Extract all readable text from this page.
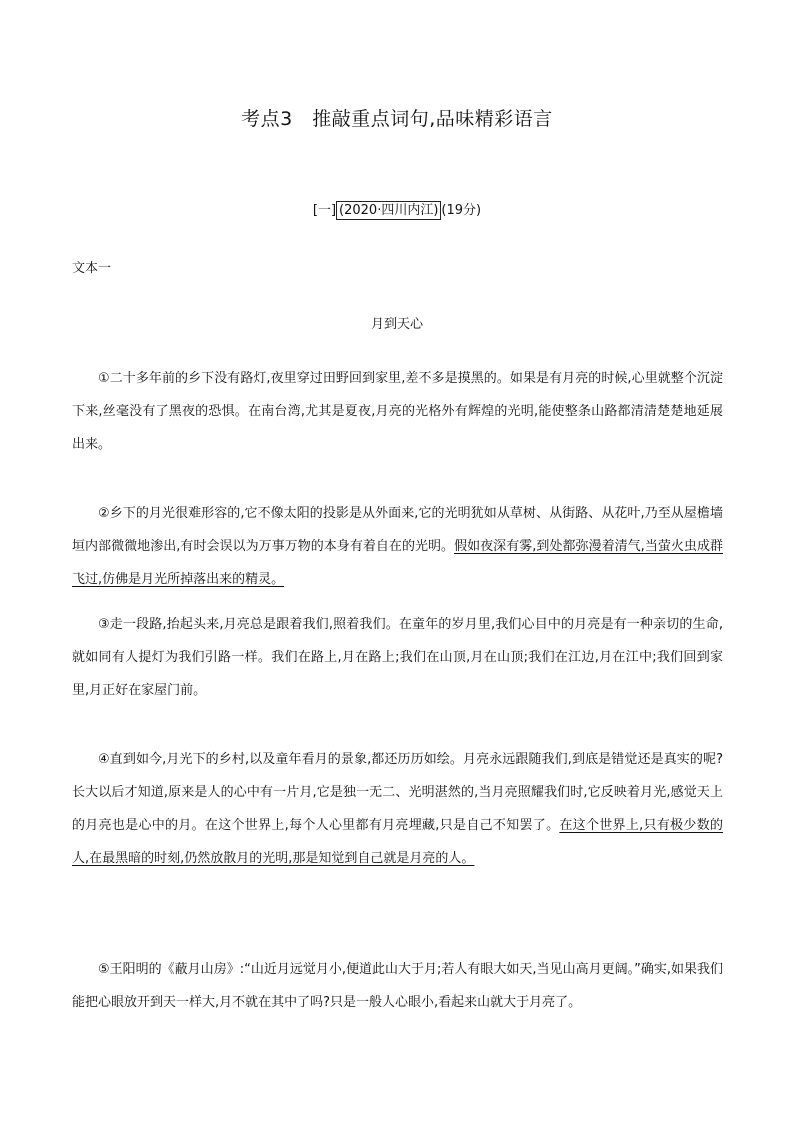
考点3　推敲重点词句,品味精彩语言
[一] (2020·四川内江) (19分)
文本一
月到天心

①二十多年前的乡下没有路灯,夜里穿过田野回到家里,差不多是摸黑的。如果是有月亮的时候,心里就整个沉淀下来,丝毫没有了黑夜的恐惧。在南台湾,尤其是夏夜,月亮的光格外有辉煌的光明,能使整条山路都清清楚楚地延展出来。

②乡下的月光很难形容的,它不像太阳的投影是从外面来,它的光明犹如从草树、从街路、从花叶,乃至从屋檐墙垣内部微微地渗出,有时会误以为万事万物的本身有着自在的光明。假如夜深有雾,到处都弥漫着清气,当萤火虫成群飞过,仿佛是月光所掉落出来的精灵。

③走一段路,抬起头来,月亮总是跟着我们,照着我们。在童年的岁月里,我们心目中的月亮是有一种亲切的生命,就如同有人提灯为我们引路一样。我们在路上,月在路上;我们在山顶,月在山顶;我们在江边,月在江中;我们回到家里,月正好在家屋门前。

④直到如今,月光下的乡村,以及童年看月的景象,都还历历如绘。月亮永远跟随我们,到底是错觉还是真实的呢?长大以后才知道,原来是人的心中有一片月,它是独一无二、光明湛然的,当月亮照耀我们时,它反映着月光,感觉天上的月亮也是心中的月。在这个世界上,每个人心里都有月亮埋藏,只是自己不知罢了。在这个世界上,只有极少数的人,在最黑暗的时刻,仍然放散月的光明,那是知觉到自己就是月亮的人。

⑤王阳明的《蔽月山房》:“山近月远觉月小,便道此山大于月;若人有眼大如天,当见山高月更阔。”确实,如果我们能把心眼放开到天一样大,月不就在其中了吗?只是一般人心眼小,看起来山就大于月亮了。
